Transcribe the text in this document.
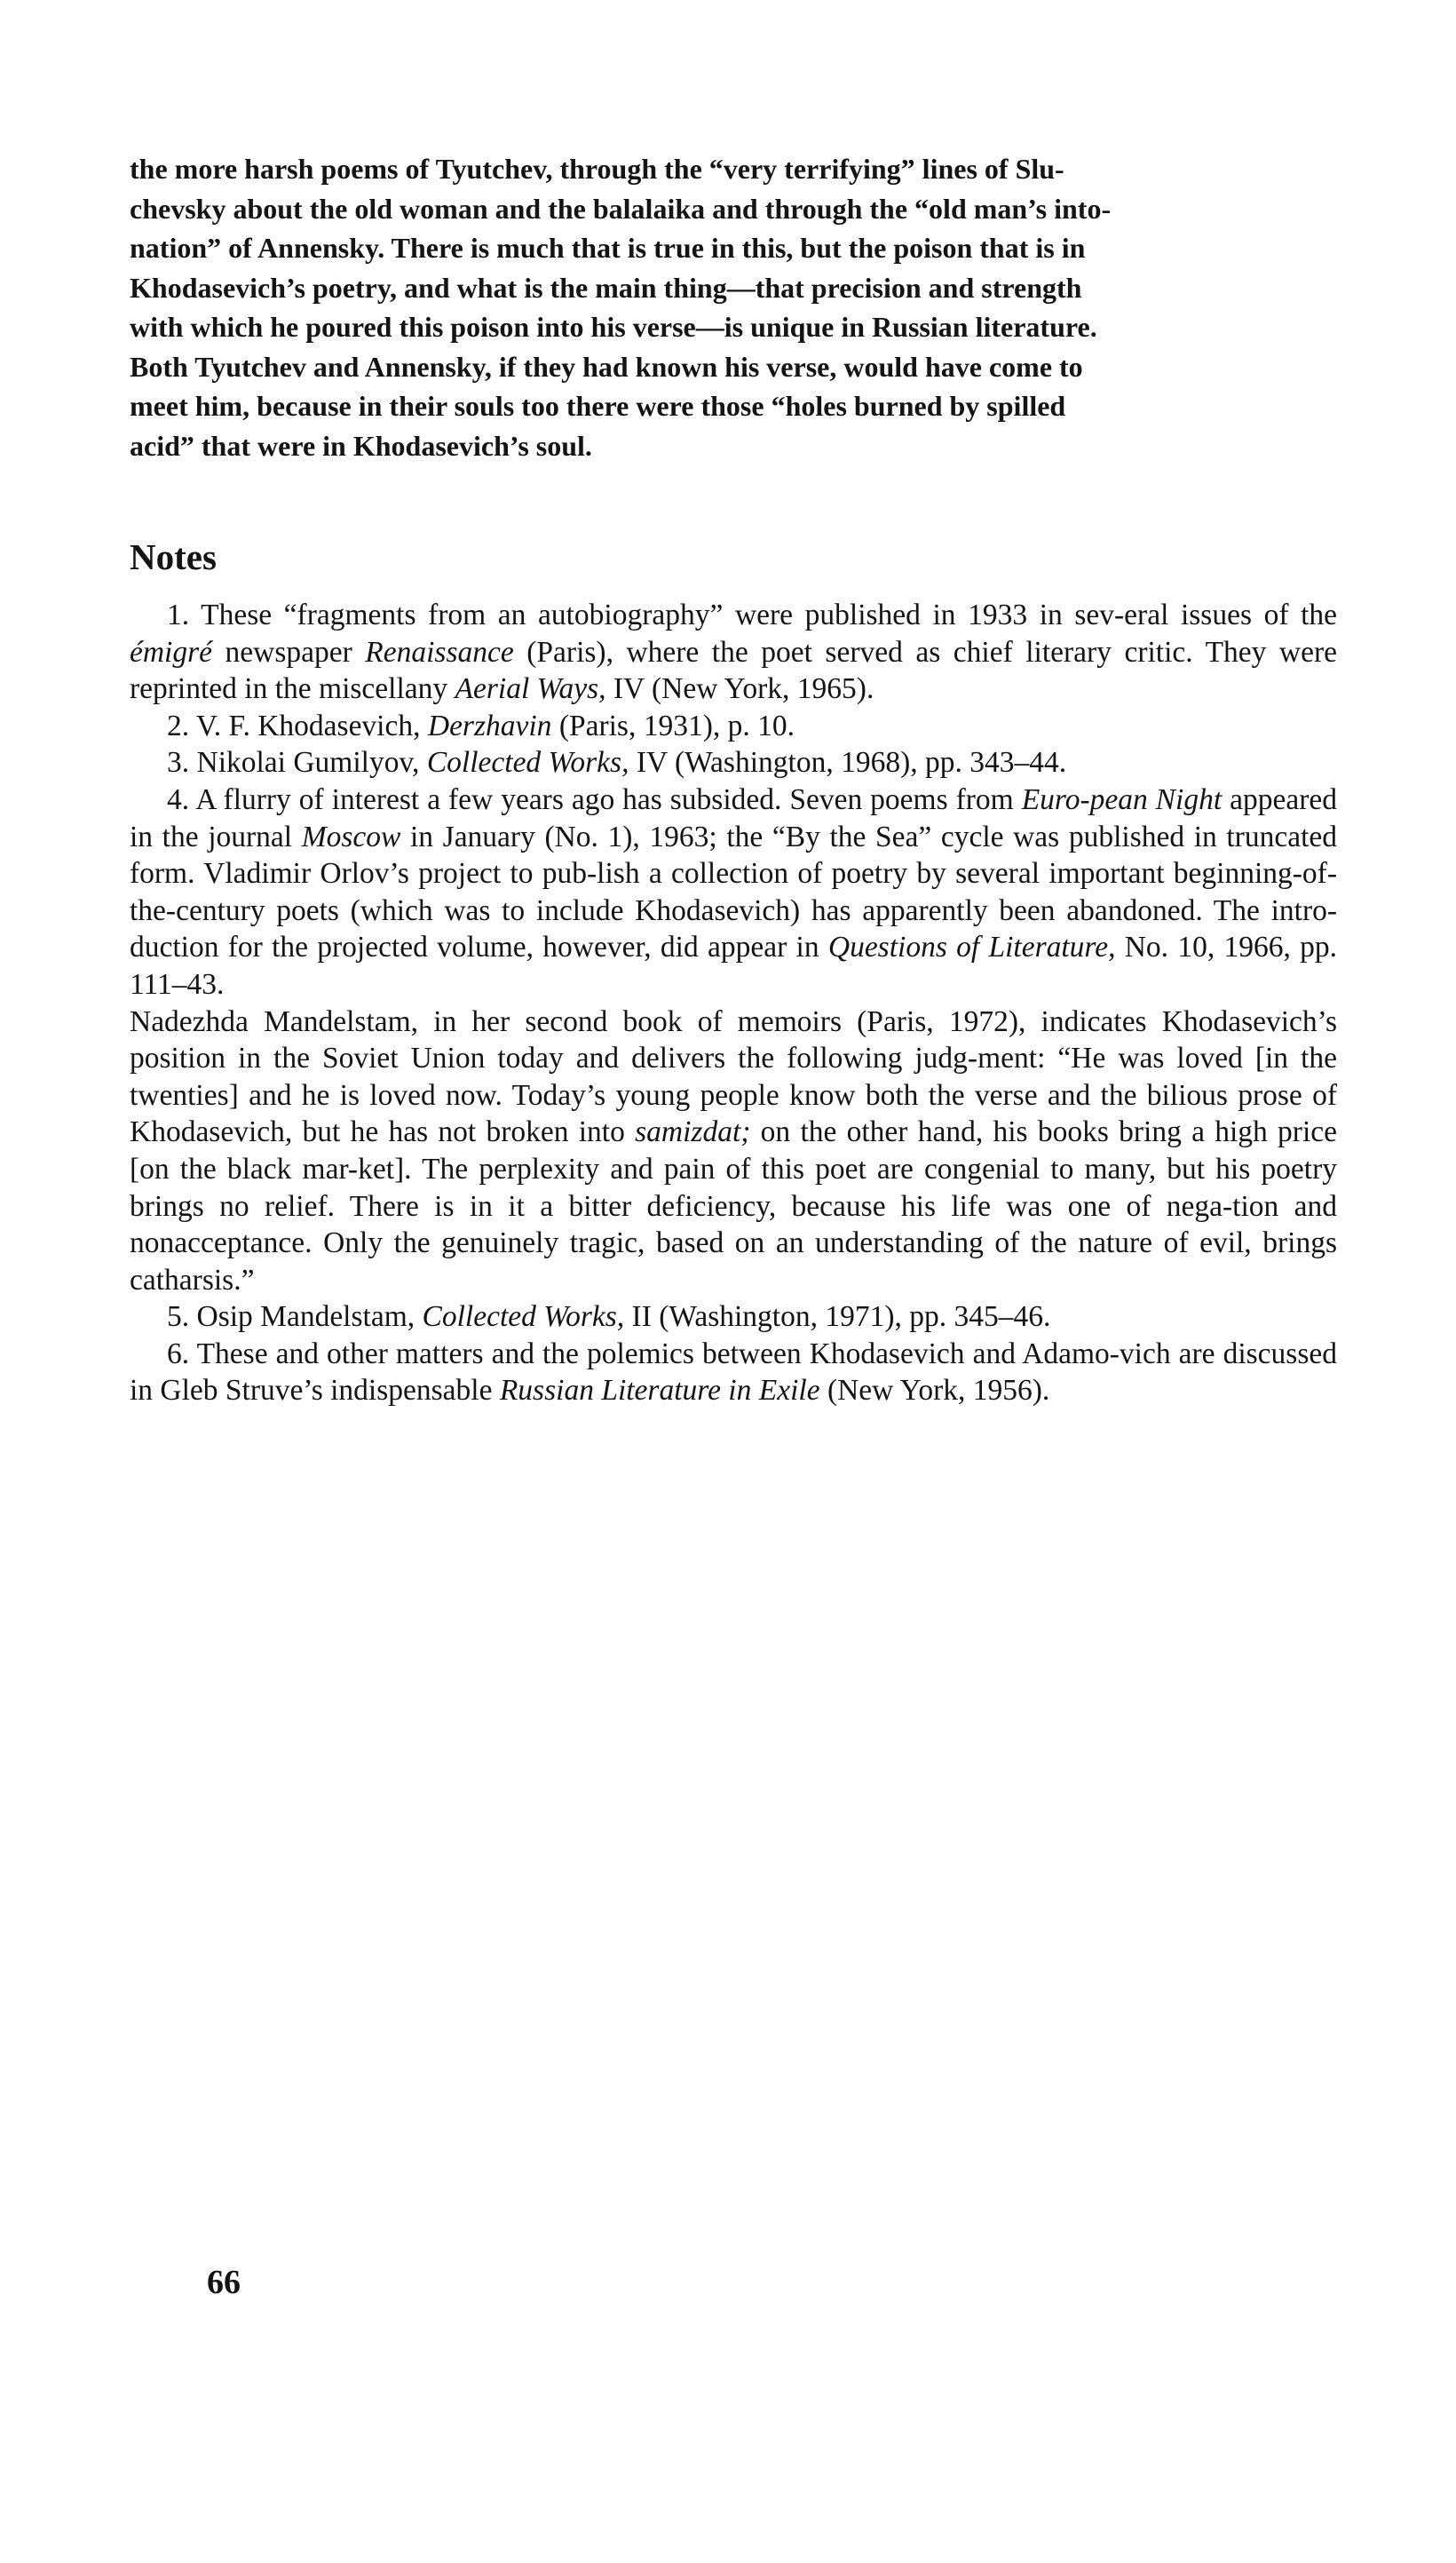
the more harsh poems of Tyutchev, through the “very terrifying” lines of Slu-
chevsky about the old woman and the balalaika and through the “old man’s into-
nation” of Annensky. There is much that is true in this, but the poison that is in
Khodasevich’s poetry, and what is the main thing—that precision and strength
with which he poured this poison into his verse—is unique in Russian literature.
Both Tyutchev and Annensky, if they had known his verse, would have come to
meet him, because in their souls too there were those “holes burned by spilled
acid” that were in Khodasevich’s soul.
Notes

1. These “fragments from an autobiography” were published in 1933 in sev-eral issues of the émigré newspaper Renaissance (Paris), where the poet served as chief literary critic. They were reprinted in the miscellany Aerial Ways, IV (New York, 1965).

2. V. F. Khodasevich, Derzhavin (Paris, 1931), p. 10.

3. Nikolai Gumilyov, Collected Works, IV (Washington, 1968), pp. 343–44.

4. A flurry of interest a few years ago has subsided. Seven poems from Euro-pean Night appeared in the journal Moscow in January (No. 1), 1963; the “By the Sea” cycle was published in truncated form. Vladimir Orlov’s project to pub-lish a collection of poetry by several important beginning-of-the-century poets (which was to include Khodasevich) has apparently been abandoned. The intro-duction for the projected volume, however, did appear in Questions of Literature, No. 10, 1966, pp. 111–43.

Nadezhda Mandelstam, in her second book of memoirs (Paris, 1972), indicates Khodasevich’s position in the Soviet Union today and delivers the following judg-ment: “He was loved [in the twenties] and he is loved now. Today’s young people know both the verse and the bilious prose of Khodasevich, but he has not broken into samizdat; on the other hand, his books bring a high price [on the black mar-ket]. The perplexity and pain of this poet are congenial to many, but his poetry brings no relief. There is in it a bitter deficiency, because his life was one of nega-tion and nonacceptance. Only the genuinely tragic, based on an understanding of the nature of evil, brings catharsis.”

5. Osip Mandelstam, Collected Works, II (Washington, 1971), pp. 345–46.

6. These and other matters and the polemics between Khodasevich and Adamo-vich are discussed in Gleb Struve’s indispensable Russian Literature in Exile (New York, 1956).

66
